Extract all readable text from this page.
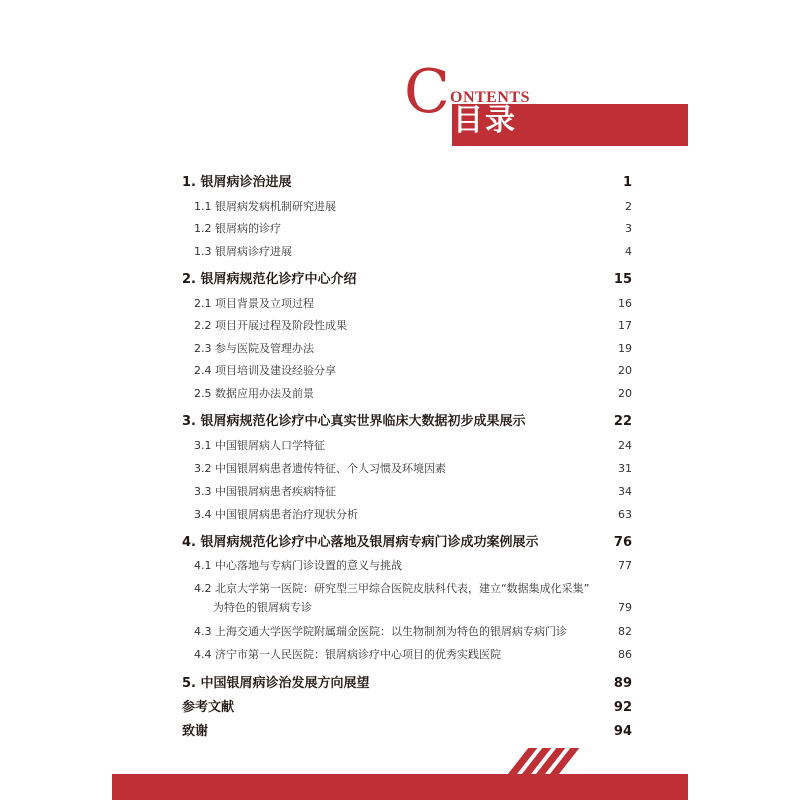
C ONTENTS
目录
1. 银屑病诊治进展	1
1.1 银屑病发病机制研究进展	2
1.2 银屑病的诊疗	3
1.3 银屑病诊疗进展	4
2. 银屑病规范化诊疗中心介绍	15
2.1 项目背景及立项过程	16
2.2 项目开展过程及阶段性成果	17
2.3 参与医院及管理办法	19
2.4 项目培训及建设经验分享	20
2.5 数据应用办法及前景	20
3. 银屑病规范化诊疗中心真实世界临床大数据初步成果展示	22
3.1 中国银屑病人口学特征	24
3.2 中国银屑病患者遗传特征、个人习惯及环境因素	31
3.3 中国银屑病患者疾病特征	34
3.4 中国银屑病患者治疗现状分析	63
4. 银屑病规范化诊疗中心落地及银屑病专病门诊成功案例展示	76
4.1 中心落地与专病门诊设置的意义与挑战	77
4.2 北京大学第一医院：研究型三甲综合医院皮肤科代表，建立“数据集成化采集”
为特色的银屑病专诊	79
4.3 上海交通大学医学院附属瑞金医院：以生物制剂为特色的银屑病专病门诊	82
4.4 济宁市第一人民医院：银屑病诊疗中心项目的优秀实践医院	86
5. 中国银屑病诊治发展方向展望	89
参考文献	92
致谢	94
